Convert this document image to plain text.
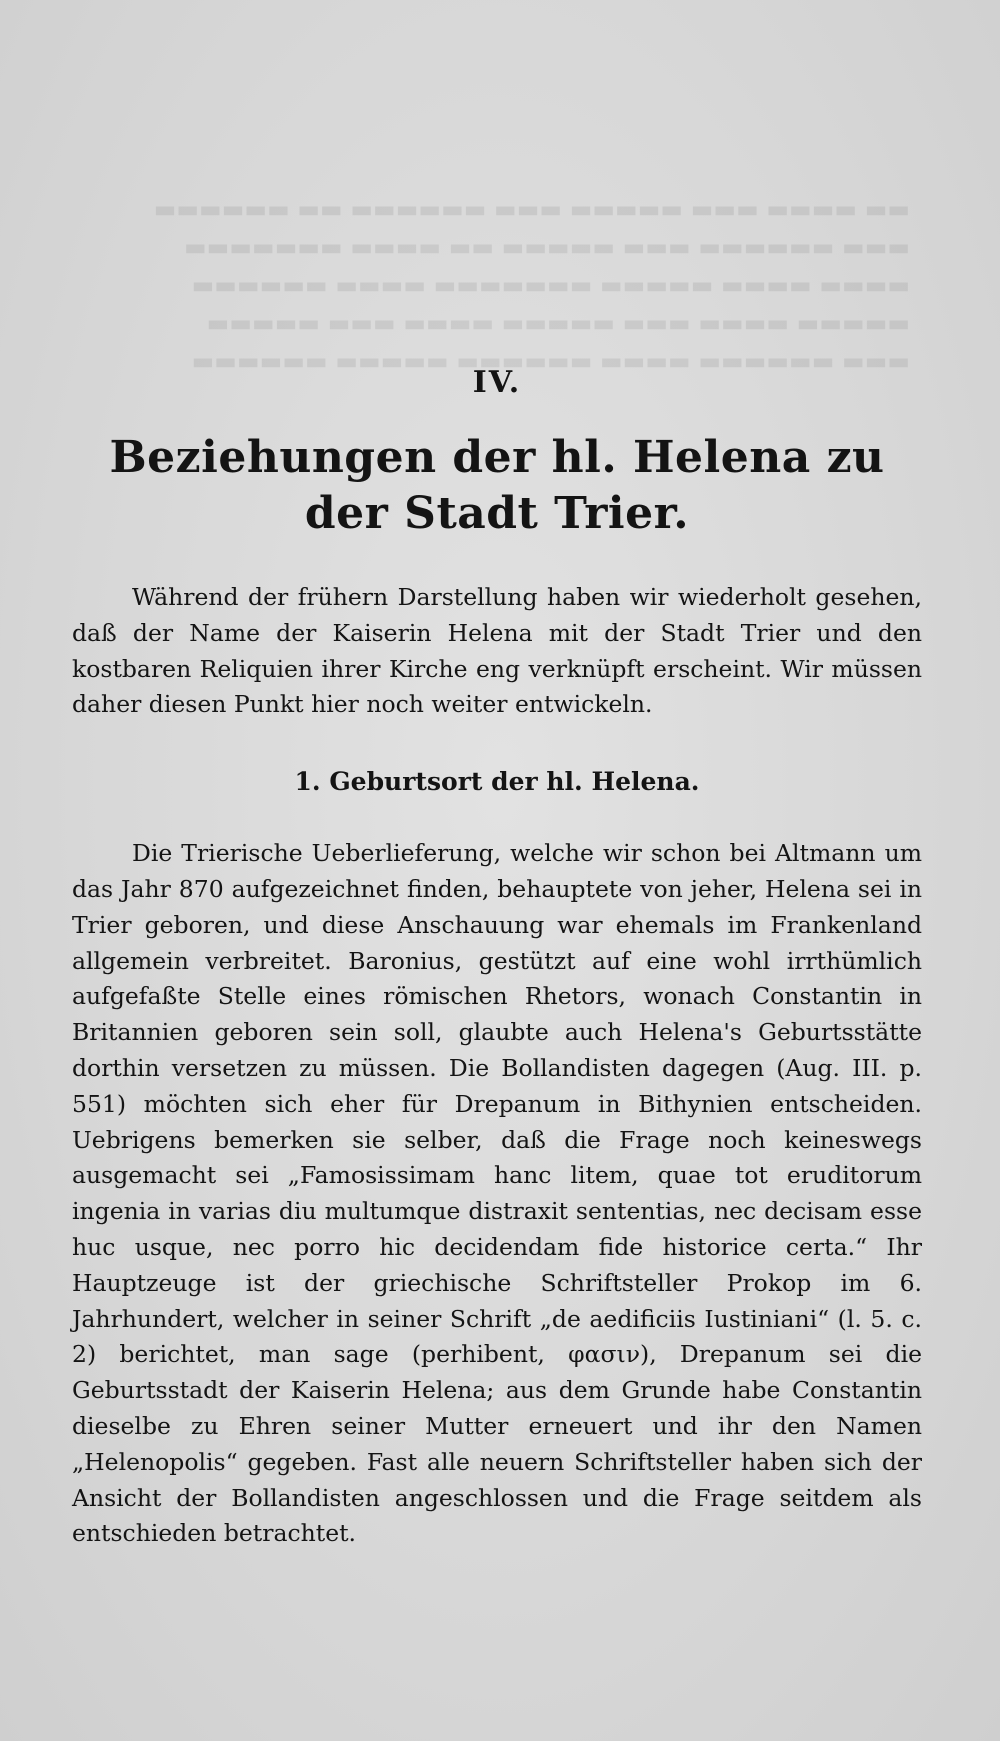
▬▬ ▬▬▬▬ ▬▬▬ ▬▬▬▬▬ ▬▬▬ ▬▬▬▬▬▬ ▬▬ ▬▬▬▬▬▬
▬▬▬ ▬▬▬▬▬▬ ▬▬▬ ▬▬▬▬▬ ▬▬ ▬▬▬▬ ▬▬▬▬▬▬▬
▬▬▬▬ ▬▬▬▬ ▬▬▬▬▬ ▬▬▬▬▬▬▬ ▬▬▬▬ ▬▬▬▬▬▬
▬▬▬▬▬ ▬▬▬▬ ▬▬▬ ▬▬▬▬▬ ▬▬▬▬ ▬▬▬ ▬▬▬▬▬
▬▬▬ ▬▬▬▬▬▬ ▬▬▬▬ ▬▬▬▬▬▬ ▬▬▬▬▬ ▬▬▬▬▬▬
IV.
Beziehungen der hl. Helena zu der Stadt Trier.

Während der frühern Darstellung haben wir wiederholt gesehen, daß der Name der Kaiserin Helena mit der Stadt Trier und den kostbaren Reliquien ihrer Kirche eng verknüpft erscheint. Wir müssen daher diesen Punkt hier noch weiter entwickeln.

1. Geburtsort der hl. Helena.

Die Trierische Ueberlieferung, welche wir schon bei Altmann um das Jahr 870 aufgezeichnet finden, behauptete von jeher, Helena sei in Trier geboren, und diese Anschauung war ehemals im Frankenland allgemein verbreitet. Baronius, gestützt auf eine wohl irrthümlich aufgefaßte Stelle eines römischen Rhetors, wonach Constantin in Britannien geboren sein soll, glaubte auch Helena's Geburtsstätte dorthin versetzen zu müssen. Die Bollandisten dagegen (Aug. III. p. 551) möchten sich eher für Drepanum in Bithynien entscheiden. Uebrigens bemerken sie selber, daß die Frage noch keineswegs ausgemacht sei „Famosissimam hanc litem, quae tot eruditorum ingenia in varias diu multumque distraxit sententias, nec decisam esse huc usque, nec porro hic decidendam fide historice certa.“ Ihr Hauptzeuge ist der griechische Schriftsteller Prokop im 6. Jahrhundert, welcher in seiner Schrift „de aedificiis Iustiniani“ (l. 5. c. 2) berichtet, man sage (perhibent, φασιν), Drepanum sei die Geburtsstadt der Kaiserin Helena; aus dem Grunde habe Constantin dieselbe zu Ehren seiner Mutter erneuert und ihr den Namen „Helenopolis“ gegeben. Fast alle neuern Schriftsteller haben sich der Ansicht der Bollandisten angeschlossen und die Frage seitdem als entschieden betrachtet.
